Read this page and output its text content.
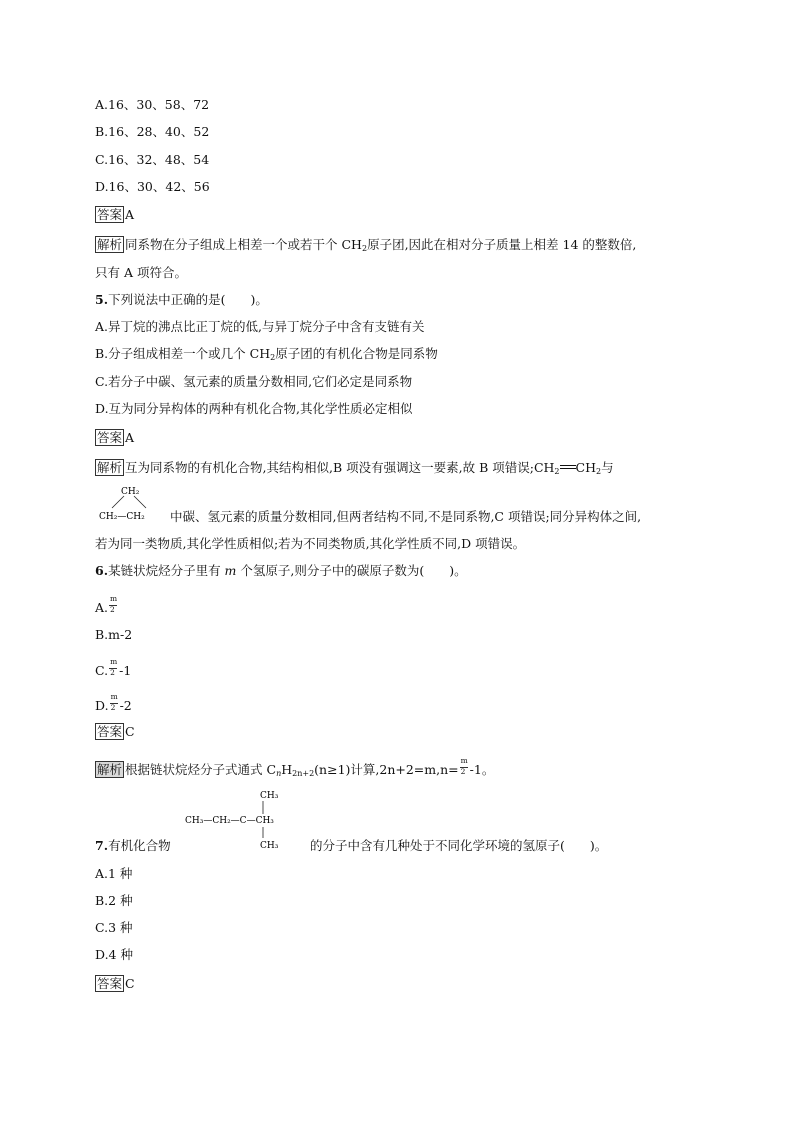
A.16、30、58、72
B.16、28、40、52
C.16、32、48、54
D.16、30、42、56
答案 A
解析 同系物在分子组成上相差一个或若干个 $CH_2$原子团,因此在相对分子质量上相差 14 的整数倍,
只有 A 项符合。
5.下列说法中正确的是(　　)。
A.异丁烷的沸点比正丁烷的低,与异丁烷分子中含有支链有关
B.分子组成相差一个或几个 $CH_2$原子团的有机化合物是同系物
C.若分子中碳、氢元素的质量分数相同,它们必定是同系物
D.互为同分异构体的两种有机化合物,其化学性质必定相似
答案 A
解析 互为同系物的有机化合物,其结构相似,B 项没有强调这一要素,故 B 项错误$;CH_2$ $CH_2$与
CH₂
CH₂—CH₂ 中碳、氢元素的质量分数相同,但两者结构不同,不是同系物,C 项错误;同分异构体之间,
若为同一类物质,其化学性质相似;若为不同类物质,其化学性质不同,D 项错误。
6.某链状烷烃分子里有 m 个氢原子,则分子中的碳原子数为(　　)。
A. $\frac{m}{2}$
B.m-2
C. $\frac{m}{2} -1$
D. $\frac{m}{2} -2$
答案 C
解析 根据链状烷烃分子式通式 $C_nH_{2n+2}(n\ge 1)$计算$,2n+2=m,n= \frac{m}{2} -1$。
CH₃
CH₃—CH₂—C—CH₃
CH₃
7.有机化合物	的分子中含有几种处于不同化学环境的氢原子(　　)。
A.1 种
B.2 种
C.3 种
D.4 种
答案 C
